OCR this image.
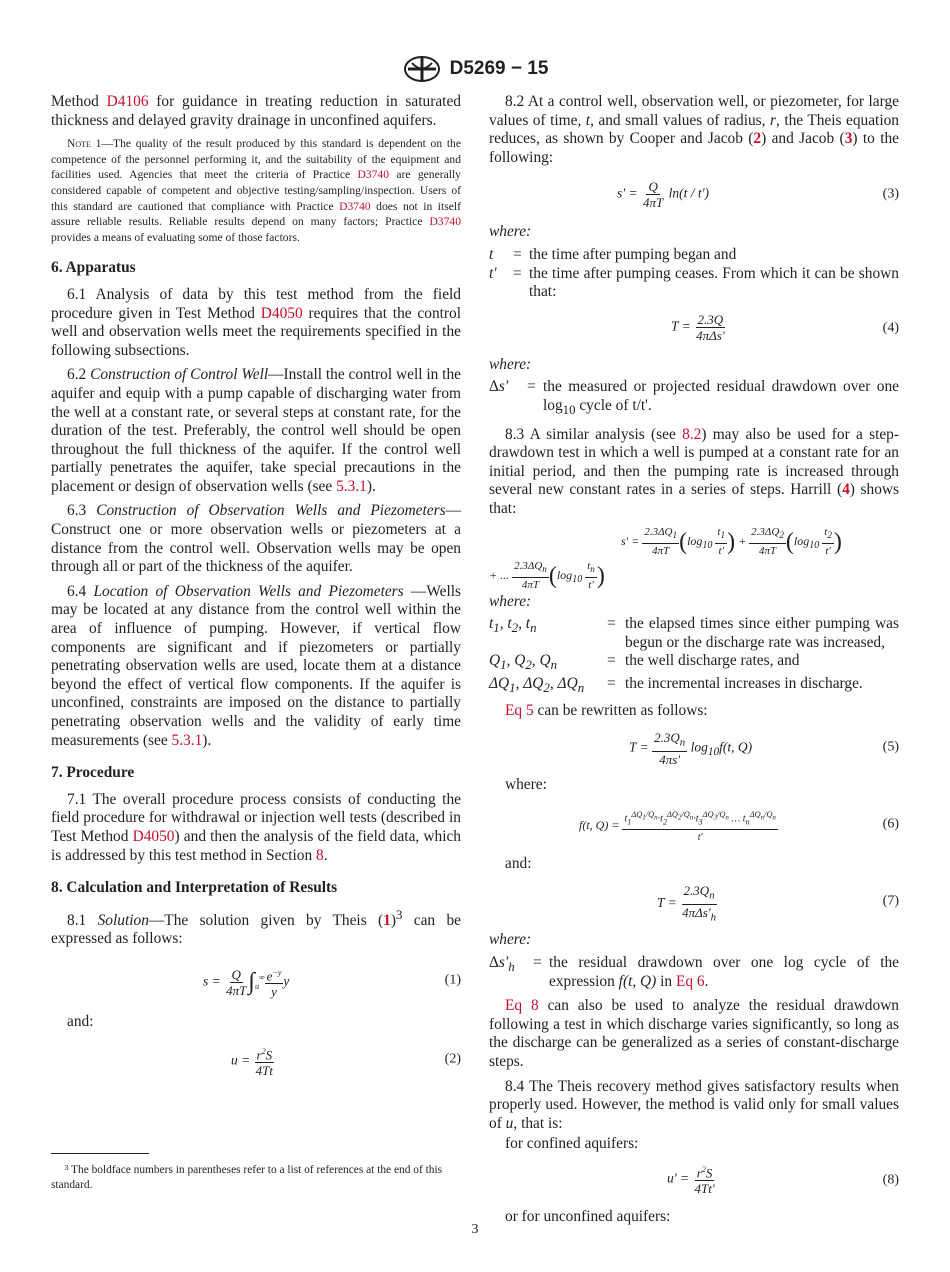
D5269 − 15

Method D4106 for guidance in treating reduction in saturated thickness and delayed gravity drainage in unconfined aquifers.

Note 1—The quality of the result produced by this standard is dependent on the competence of the personnel performing it, and the suitability of the equipment and facilities used. Agencies that meet the criteria of Practice D3740 are generally considered capable of competent and objective testing/sampling/inspection. Users of this standard are cautioned that compliance with Practice D3740 does not in itself assure reliable results. Reliable results depend on many factors; Practice D3740 provides a means of evaluating some of those factors.

6. Apparatus

6.1 Analysis of data by this test method from the field procedure given in Test Method D4050 requires that the control well and observation wells meet the requirements specified in the following subsections.

6.2 Construction of Control Well—Install the control well in the aquifer and equip with a pump capable of discharging water from the well at a constant rate, or several steps at constant rate, for the duration of the test. Preferably, the control well should be open throughout the full thickness of the aquifer. If the control well partially penetrates the aquifer, take special precautions in the placement or design of observation wells (see 5.3.1).

6.3 Construction of Observation Wells and Piezometers—Construct one or more observation wells or piezometers at a distance from the control well. Observation wells may be open through all or part of the thickness of the aquifer.

6.4 Location of Observation Wells and Piezometers —Wells may be located at any distance from the control well within the area of influence of pumping. However, if vertical flow components are significant and if piezometers or partially penetrating observation wells are used, locate them at a distance beyond the effect of vertical flow components. If the aquifer is unconfined, constraints are imposed on the distance to partially penetrating observation wells and the validity of early time measurements (see 5.3.1).

7. Procedure

7.1 The overall procedure process consists of conducting the field procedure for withdrawal or injection well tests (described in Test Method D4050) and then the analysis of the field data, which is addressed by this test method in Section 8.

8. Calculation and Interpretation of Results

8.1 Solution—The solution given by Theis $(1)^3$ can be expressed as follows:

$s = \frac{Q}{4\pi T} \int_u^\infty \frac{e^{-y}}{y}$ y	(1)

and:

$u = \frac{r^2S}{4Tt}$	(2)
³ The boldface numbers in parentheses refer to a list of references at the end of this standard.

8.2 At a control well, observation well, or piezometer, for large values of time, t, and small values of radius, r, the Theis equation reduces, as shown by Cooper and Jacob (2) and Jacob (3) to the following:

$s' = \frac{Q}{4\pi T} \ln(t / t')$	(3)

where:

t	= the time after pumping began and
t'	= the time after pumping ceases. From which it can be shown that:
$T = \frac{2.3Q}{\text{4πΔs'}}$	(4)

where:

Δs'	= the measured or projected residual drawdown over one $\log_{10}$ cycle of t/t'.

8.3 A similar analysis (see 8.2) may also be used for a step-drawdown test in which a well is pumped at a constant rate for an initial period, and then the pumping rate is increased through several new constant rates in a series of steps. Harrill (4) shows that:

$s' = \frac{2.3\Delta Q_1}{4\pi T} (\log_{10} \frac{t_1}{t'}$ ) + $\frac{2.3\Delta Q_2}{4\pi T} (\log_{10} \frac{t_2}{t'}$ )
+ ... $\frac{2.3\Delta Q_n}{4\pi T} (\log_{10} \frac{t_n}{t'}$ )

where:

$t_1$, $t_2$, $t_n$	= the elapsed times since either pumping was begun or the discharge rate was increased,
$Q_1$, $Q_2$, $Q_n$	= the well discharge rates, and
$\Delta Q_1$, $\Delta Q_2$, $\Delta Q_n$	= the incremental increases in discharge.

Eq 5 can be rewritten as follows:

$T = \frac{2.3Q_n}{4\pi s'} \log_{10}f(t$, Q)	(5)

where:

f(t, $Q) = \frac{t_1^{\Delta Q_1/Q_n}\cdot t_2^{\Delta Q_2/Q_n}\cdot t_3^{\Delta Q_3/Q_n} \dots t_n^{\Delta Q_n/Q_n}}{t'}$	(6)

and:

$T = \frac{2.3Q_n}{4\pi\Delta s'_h}$	(7)

where:

$\Delta s'_h$	= the residual drawdown over one log cycle of the expression f(t, Q) in Eq 6.

Eq 8 can also be used to analyze the residual drawdown following a test in which discharge varies significantly, so long as the discharge can be generalized as a series of constant-discharge steps.

8.4 The Theis recovery method gives satisfactory results when properly used. However, the method is valid only for small values of u, that is:

for confined aquifers:

$u' = \frac{r^2S}{4Tt'}$	(8)

or for unconfined aquifers:

3
